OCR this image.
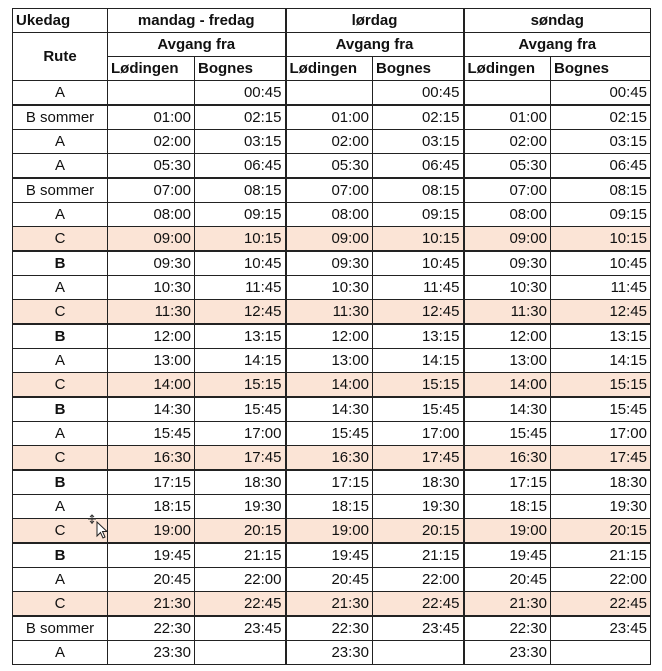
Ukedag	mandag - fredag		lørdag		søndag	
Rute	Avgang fra		Avgang fra		Avgang fra	
	Lødingen	Bognes	Lødingen	Bognes	Lødingen	Bognes
A		00:45		00:45		00:45
B sommer	01:00	02:15	01:00	02:15	01:00	02:15
A	02:00	03:15	02:00	03:15	02:00	03:15
A	05:30	06:45	05:30	06:45	05:30	06:45
B sommer	07:00	08:15	07:00	08:15	07:00	08:15
A	08:00	09:15	08:00	09:15	08:00	09:15
C	09:00	10:15	09:00	10:15	09:00	10:15
B	09:30	10:45	09:30	10:45	09:30	10:45
A	10:30	11:45	10:30	11:45	10:30	11:45
C	11:30	12:45	11:30	12:45	11:30	12:45
B	12:00	13:15	12:00	13:15	12:00	13:15
A	13:00	14:15	13:00	14:15	13:00	14:15
C	14:00	15:15	14:00	15:15	14:00	15:15
B	14:30	15:45	14:30	15:45	14:30	15:45
A	15:45	17:00	15:45	17:00	15:45	17:00
C	16:30	17:45	16:30	17:45	16:30	17:45
B	17:15	18:30	17:15	18:30	17:15	18:30
A	18:15	19:30	18:15	19:30	18:15	19:30
C	19:00	20:15	19:00	20:15	19:00	20:15
B	19:45	21:15	19:45	21:15	19:45	21:15
A	20:45	22:00	20:45	22:00	20:45	22:00
C	21:30	22:45	21:30	22:45	21:30	22:45
B sommer	22:30	23:45	22:30	23:45	22:30	23:45
A	23:30		23:30		23:30	
